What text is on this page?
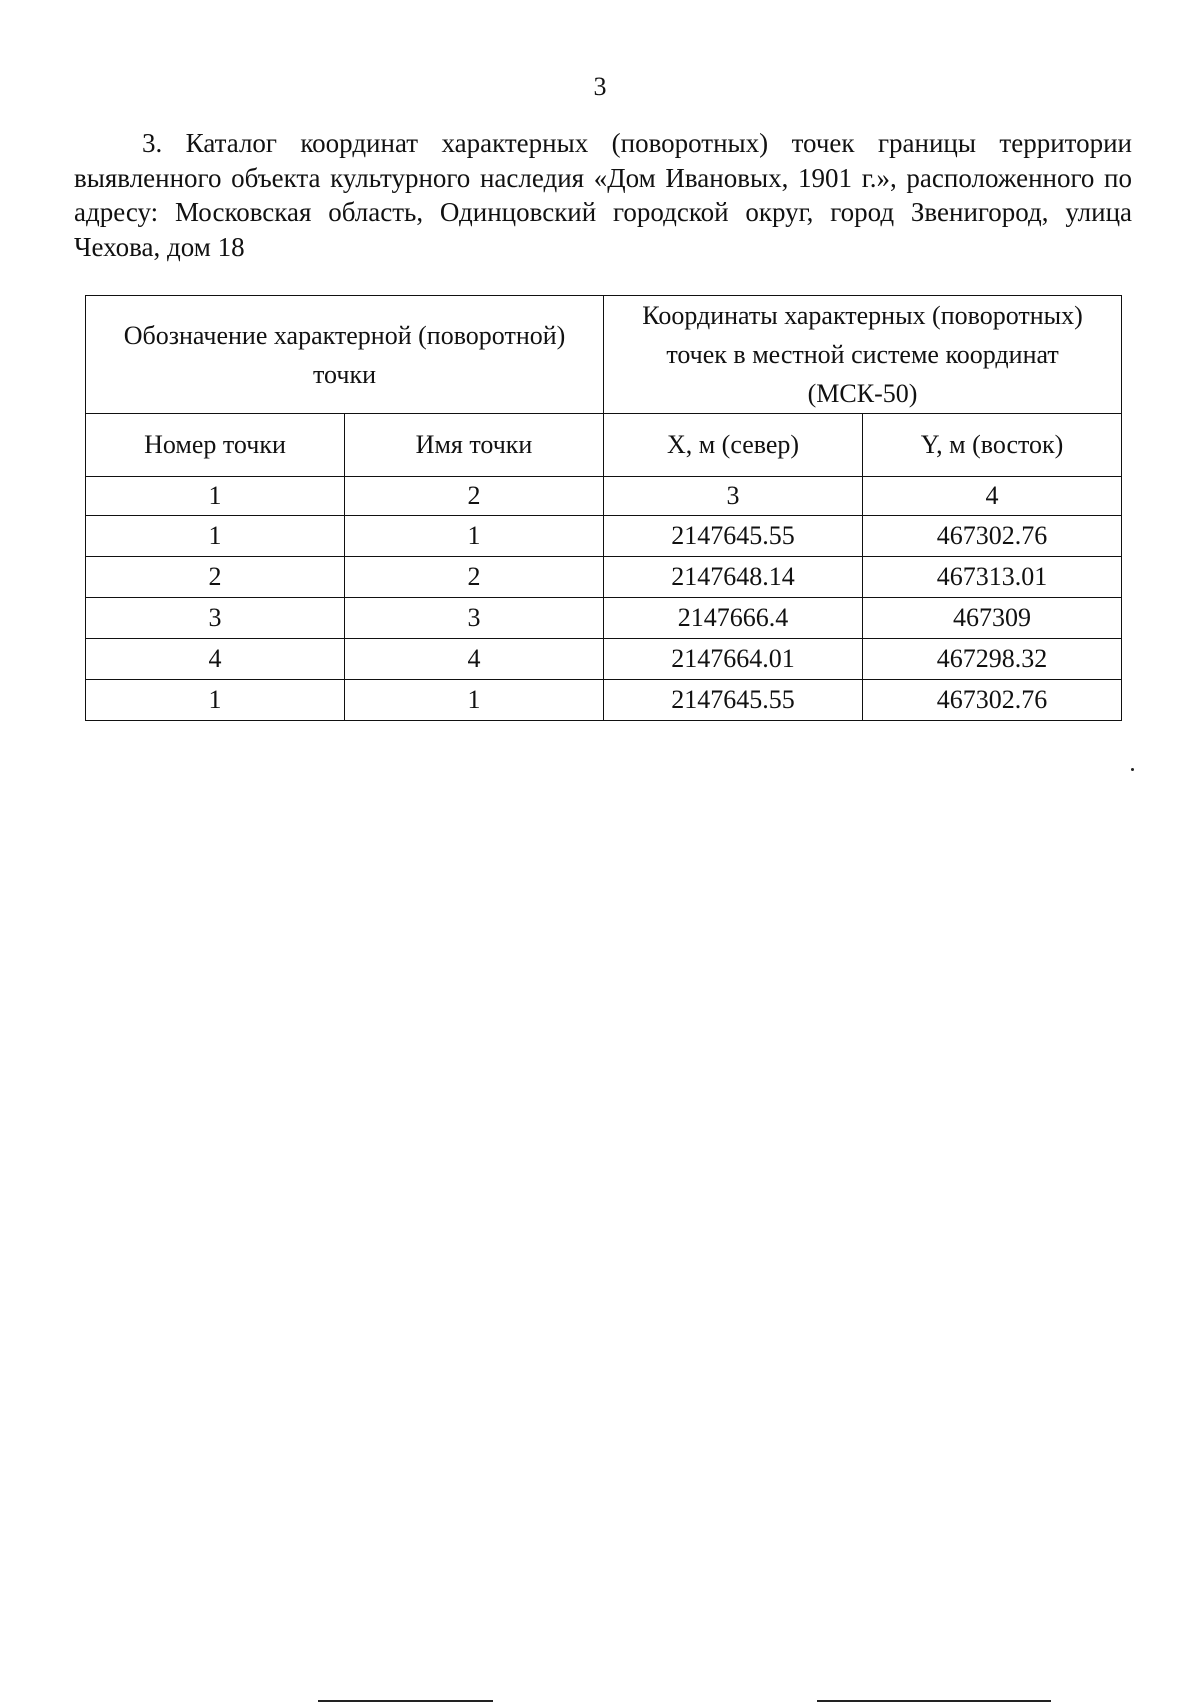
3

3. Каталог координат характерных (поворотных) точек границы территории выявленного объекта культурного наследия «Дом Ивановых, 1901 г.», расположенного по адресу: Московская область, Одинцовский городской округ, город Звенигород, улица Чехова, дом 18

Обозначение характерной (поворотной) точки		Координаты характерных (поворотных) точек в местной системе координат (МСК-50)	

Номер точки	Имя точки	X, м (север)	Y, м (восток)
1	2	3	4
1	1	2147645.55	467302.76
2	2	2147648.14	467313.01
3	3	2147666.4	467309
4	4	2147664.01	467298.32
1	1	2147645.55	467302.76
